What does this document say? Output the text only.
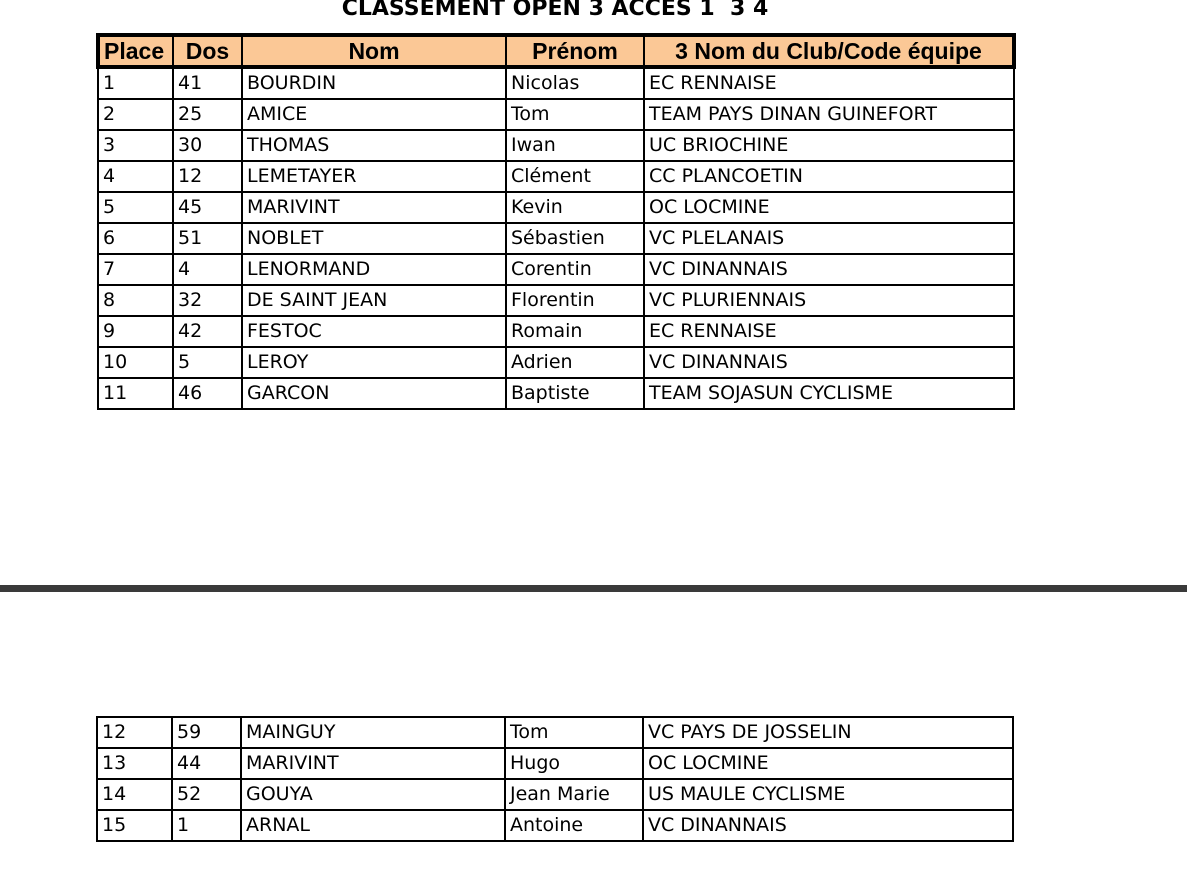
CLASSEMENT OPEN 3 ACCES 1  3 4
Place	Dos	Nom	Prénom	3 Nom du Club/Code équipe
1	41	BOURDIN	Nicolas	EC RENNAISE
2	25	AMICE	Tom	TEAM PAYS DINAN GUINEFORT
3	30	THOMAS	Iwan	UC BRIOCHINE
4	12	LEMETAYER	Clément	CC PLANCOETIN
5	45	MARIVINT	Kevin	OC LOCMINE
6	51	NOBLET	Sébastien	VC PLELANAIS
7	4	LENORMAND	Corentin	VC DINANNAIS
8	32	DE SAINT JEAN	Florentin	VC PLURIENNAIS
9	42	FESTOC	Romain	EC RENNAISE
10	5	LEROY	Adrien	VC DINANNAIS
11	46	GARCON	Baptiste	TEAM SOJASUN CYCLISME
12	59	MAINGUY	Tom	VC PAYS DE JOSSELIN
13	44	MARIVINT	Hugo	OC LOCMINE
14	52	GOUYA	Jean Marie	US MAULE CYCLISME
15	1	ARNAL	Antoine	VC DINANNAIS
